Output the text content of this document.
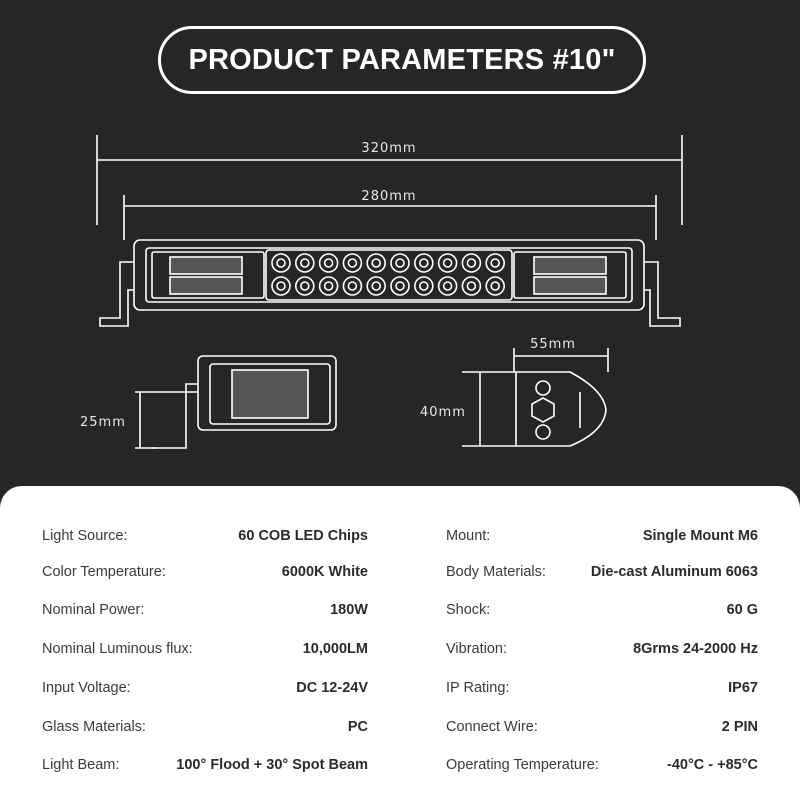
PRODUCT PARAMETERS #10"
320mm
280mm
55mm
40mm
25mm
Light Source:	60 COB LED Chips
Color Temperature:	6000K White
Nominal Power:	180W
Nominal Luminous flux:	10,000LM
Input Voltage:	DC 12-24V
Glass Materials:	PC
Light Beam:	100° Flood + 30° Spot Beam
Mount:	Single Mount M6
Body Materials:	Die-cast Aluminum 6063
Shock:	60 G
Vibration:	8Grms 24-2000 Hz
IP Rating:	IP67
Connect Wire:	2 PIN
Operating Temperature:	-40°C - +85°C
